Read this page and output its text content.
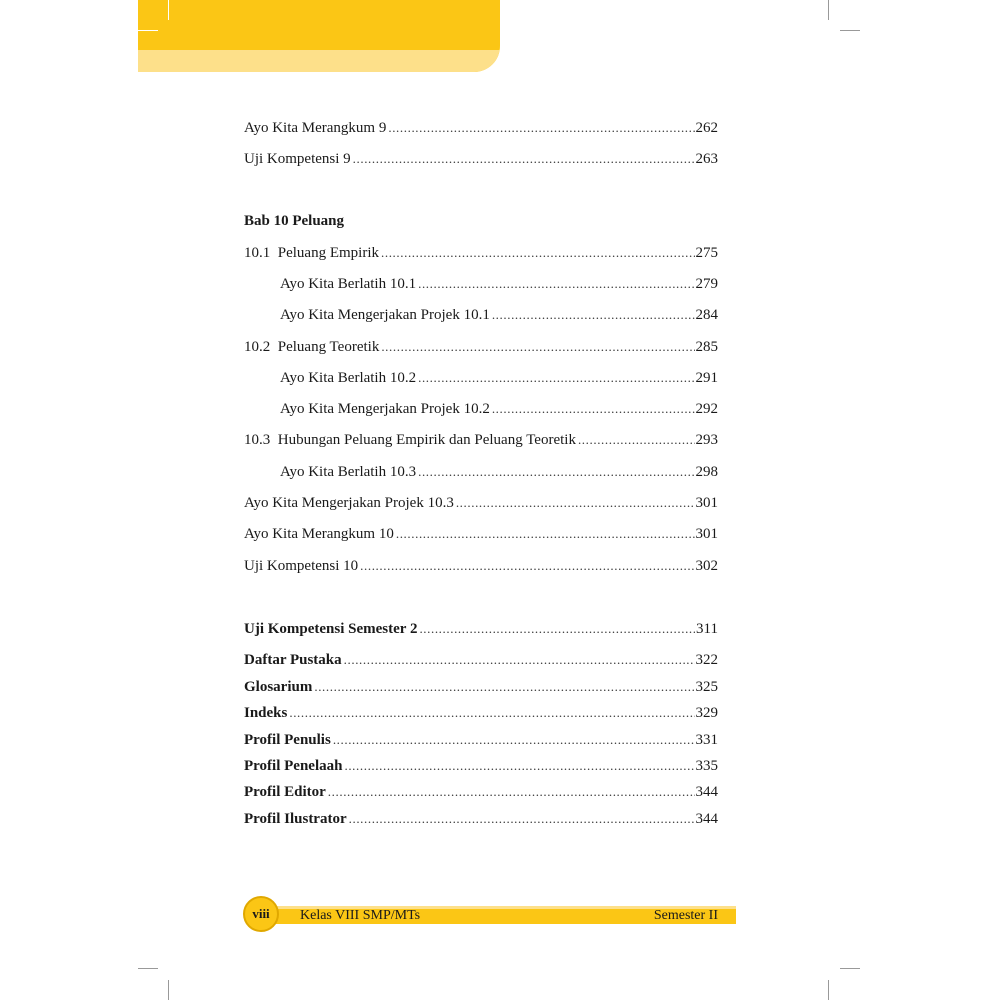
Ayo Kita Merangkum 9 .....	262
Uji Kompetensi 9 .....	263
Bab 10 Peluang
10.1  Peluang Empirik .....	275
Ayo Kita Berlatih 10.1 .....	279
Ayo Kita Mengerjakan Projek 10.1 .....	284
10.2  Peluang Teoretik .....	285
Ayo Kita Berlatih 10.2 .....	291
Ayo Kita Mengerjakan Projek 10.2 .....	292
10.3  Hubungan Peluang Empirik dan Peluang Teoretik .....	293
Ayo Kita Berlatih 10.3 .....	298
Ayo Kita Mengerjakan Projek 10.3 .....	301
Ayo Kita Merangkum 10 .....	301
Uji Kompetensi 10 .....	302
Uji Kompetensi Semester 2 .....	311
Daftar Pustaka .....	322
Glosarium .....	325
Indeks .....	329
Profil Penulis .....	331
Profil Penelaah .....	335
Profil Editor .....	344
Profil Ilustrator .....	344
viii Kelas VIII SMP/MTs	Semester II
